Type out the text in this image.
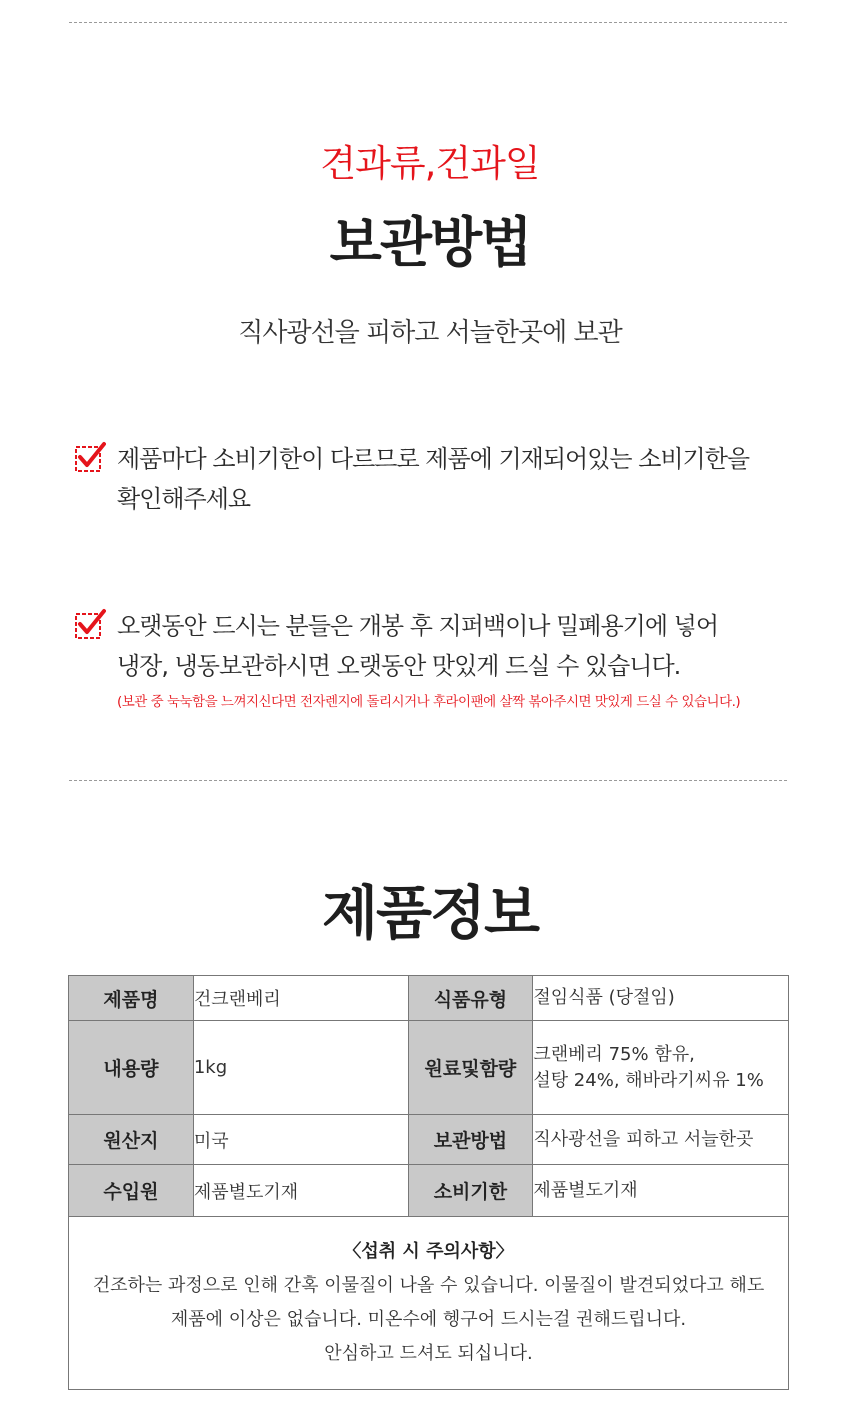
견과류,건과일
보관방법
직사광선을 피하고 서늘한곳에 보관
제품마다 소비기한이 다르므로 제품에 기재되어있는 소비기한을
확인해주세요
오랫동안 드시는 분들은 개봉 후 지퍼백이나 밀폐용기에 넣어
냉장, 냉동보관하시면 오랫동안 맛있게 드실 수 있습니다.
(보관 중 눅눅함을 느껴지신다면 전자렌지에 돌리시거나 후라이팬에 살짝 볶아주시면 맛있게 드실 수 있습니다.)
제품정보
제품명	건크랜베리	식품유형	절임식품 (당절임)
내용량	1kg	원료및함량	크랜베리 75% 함유,
설탕 24%, 해바라기씨유 1%
원산지	미국	보관방법	직사광선을 피하고 서늘한곳
수입원	제품별도기재	소비기한	제품별도기재

〈섭취 시 주의사항〉
건조하는 과정으로 인해 간혹 이물질이 나올 수 있습니다. 이물질이 발견되었다고 해도
제품에 이상은 없습니다. 미온수에 헹구어 드시는걸 권해드립니다.
안심하고 드셔도 되십니다.			
